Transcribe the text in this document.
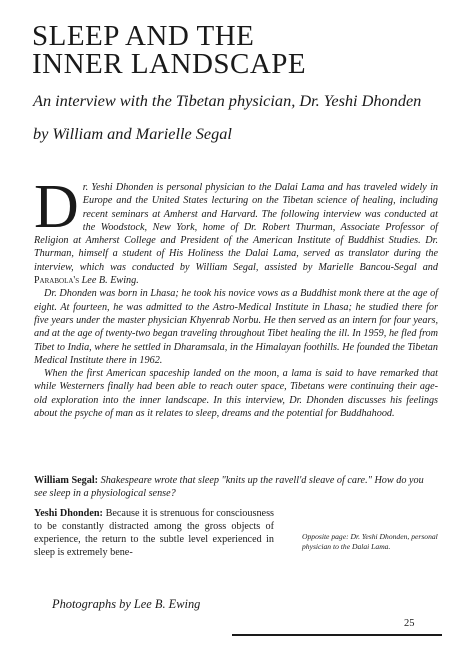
SLEEP AND THE
INNER LANDSCAPE
An interview with the Tibetan physician, Dr. Yeshi Dhonden
by William and Marielle Segal

Dr. Yeshi Dhonden is personal physician to the Dalai Lama and has traveled widely in Europe and the United States lecturing on the Tibetan science of healing, including recent seminars at Amherst and Harvard. The following interview was conducted at the Woodstock, New York, home of Dr. Robert Thurman, Associate Professor of Religion at Amherst College and President of the American Institute of Buddhist Studies. Dr. Thurman, himself a student of His Holiness the Dalai Lama, served as translator during the interview, which was conducted by William Segal, assisted by Marielle Bancou-Segal and Parabola's Lee B. Ewing.

Dr. Dhonden was born in Lhasa; he took his novice vows as a Buddhist monk there at the age of eight. At fourteen, he was admitted to the Astro-Medical Institute in Lhasa; he studied there for five years under the master physician Khyenrab Norbu. He then served as an intern for four years, and at the age of twenty-two began traveling throughout Tibet healing the ill. In 1959, he fled from Tibet to India, where he settled in Dharamsala, in the Himalayan foothills. He founded the Tibetan Medical Institute there in 1962.

When the first American spaceship landed on the moon, a lama is said to have remarked that while Westerners finally had been able to reach outer space, Tibetans were continuing their age-old exploration into the inner landscape. In this interview, Dr. Dhonden discusses his feelings about the psyche of man as it relates to sleep, dreams and the potential for Buddhahood.

William Segal: Shakespeare wrote that sleep "knits up the ravell'd sleave of care." How do you see sleep in a physiological sense?
Yeshi Dhonden: Because it is strenuous for consciousness to be constantly distracted among the gross objects of experience, the return to the subtle level experienced in sleep is extremely bene-
Opposite page: Dr. Yeshi Dhonden, personal physician to the Dalai Lama.
Photographs by Lee B. Ewing
25
